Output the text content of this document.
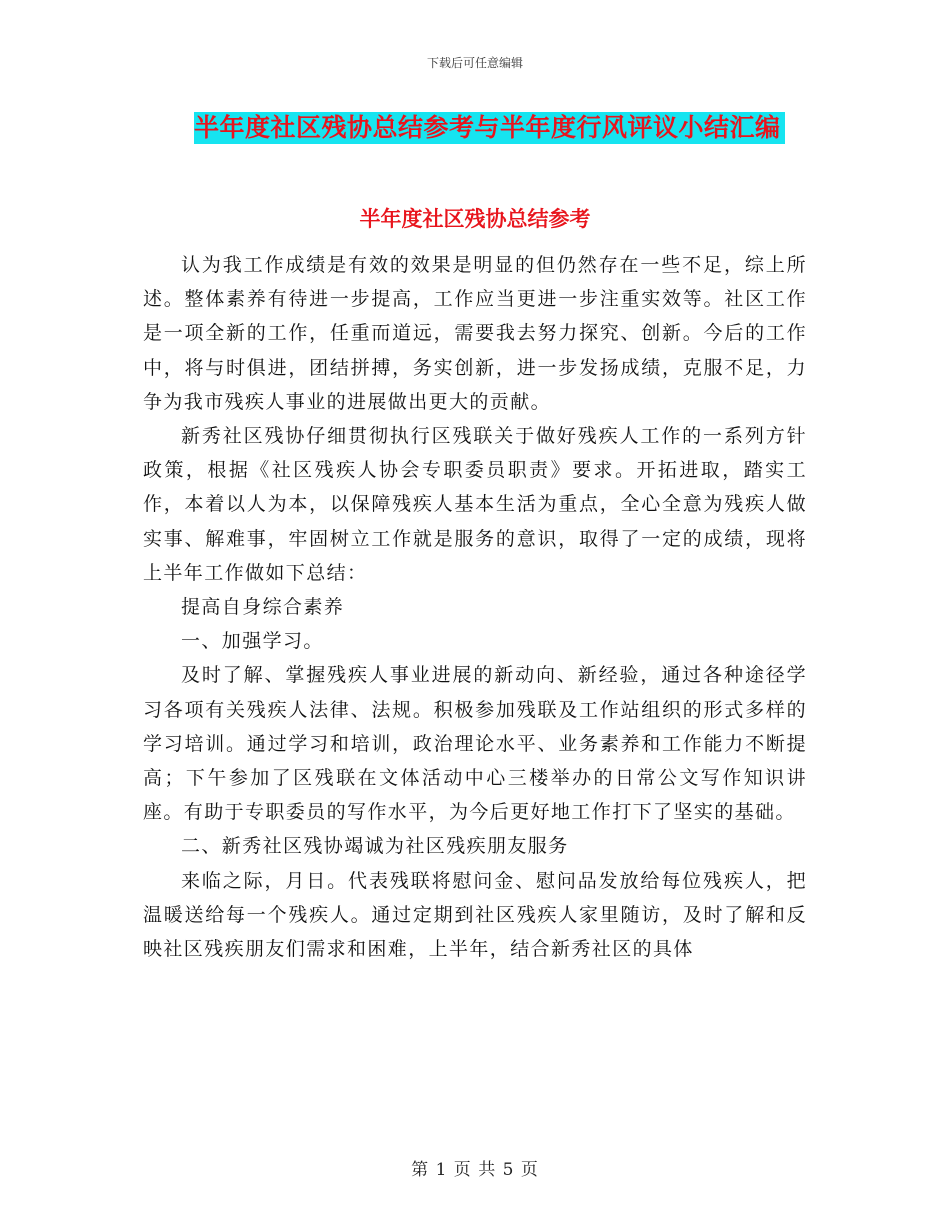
下载后可任意编辑
半年度社区残协总结参考与半年度行风评议小结汇编
半年度社区残协总结参考

认为我工作成绩是有效的效果是明显的但仍然存在一些不足，综上所述。整体素养有待进一步提高，工作应当更进一步注重实效等。社区工作是一项全新的工作，任重而道远，需要我去努力探究、创新。今后的工作中，将与时俱进，团结拼搏，务实创新，进一步发扬成绩，克服不足，力争为我市残疾人事业的进展做出更大的贡献。

新秀社区残协仔细贯彻执行区残联关于做好残疾人工作的一系列方针政策，根据《社区残疾人协会专职委员职责》要求。开拓进取，踏实工作，本着以人为本，以保障残疾人基本生活为重点，全心全意为残疾人做实事、解难事，牢固树立工作就是服务的意识，取得了一定的成绩，现将上半年工作做如下总结：

提高自身综合素养

一、加强学习。

及时了解、掌握残疾人事业进展的新动向、新经验，通过各种途径学习各项有关残疾人法律、法规。积极参加残联及工作站组织的形式多样的学习培训。通过学习和培训，政治理论水平、业务素养和工作能力不断提高；下午参加了区残联在文体活动中心三楼举办的日常公文写作知识讲座。有助于专职委员的写作水平，为今后更好地工作打下了坚实的基础。

二、新秀社区残协竭诚为社区残疾朋友服务

来临之际，月日。代表残联将慰问金、慰问品发放给每位残疾人，把温暖送给每一个残疾人。通过定期到社区残疾人家里随访，及时了解和反映社区残疾朋友们需求和困难，上半年，结合新秀社区的具体

第 1 页 共 5 页
